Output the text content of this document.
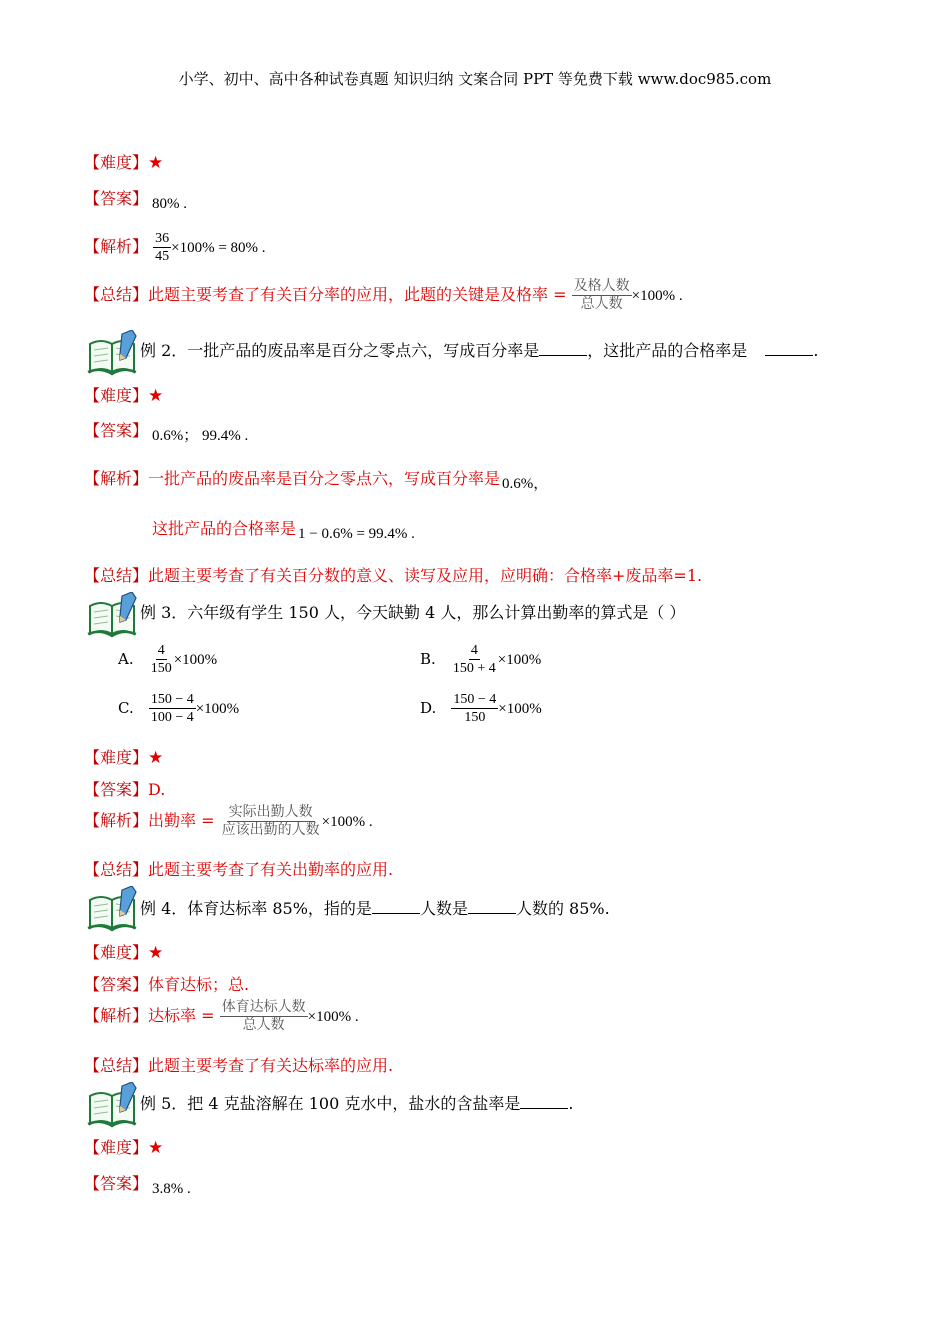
小学、初中、高中各种试卷真题 知识归纳 文案合同 PPT 等免费下载 www.doc985.com
【难度】★
【答案】 80% .
【解析】 $\frac{36}{45} \times 100\% = 80\%$ .
【总结】此题主要考查了有关百分率的应用，此题的关键是及格率 = $\frac{\text{及格人数}}{\text{总人数}} \times 100\%$ .
例 2．一批产品的废品率是百分之零点六，写成百分率是	，这批产品的合格率是	.
【难度】★
【答案】 0.6%； 99.4% .
【解析】一批产品的废品率是百分之零点六，写成百分率是 0.6%，
这批产品的合格率是 1 − 0.6% = 99.4% .
【总结】此题主要考查了有关百分数的意义、读写及应用，应明确：合格率+废品率=1.
例 3．六年级有学生 150 人，今天缺勤 4 人，那么计算出勤率的算式是（ ）
A. $\frac{4}{150} \times 100\%$	B. $\frac{4}{150 + 4} \times 100\%$
C. $\frac{150 - 4}{100 - 4} \times 100\%$	D. $\frac{150 - 4}{150} \times 100\%$
【难度】★
【答案】D.
【解析】出勤率 = $\frac{\text{实际出勤人数}}{\text{应该出勤的人数}} \times 100\%$ .
【总结】此题主要考查了有关出勤率的应用.
例 4．体育达标率 85%，指的是	人数是	人数的 85%.
【难度】★
【答案】体育达标；总.
【解析】达标率 = $\frac{\text{体育达标人数}}{\text{总人数}} \times 100\%$ .
【总结】此题主要考查了有关达标率的应用.
例 5．把 4 克盐溶解在 100 克水中，盐水的含盐率是	.
【难度】★
【答案】 3.8% .
